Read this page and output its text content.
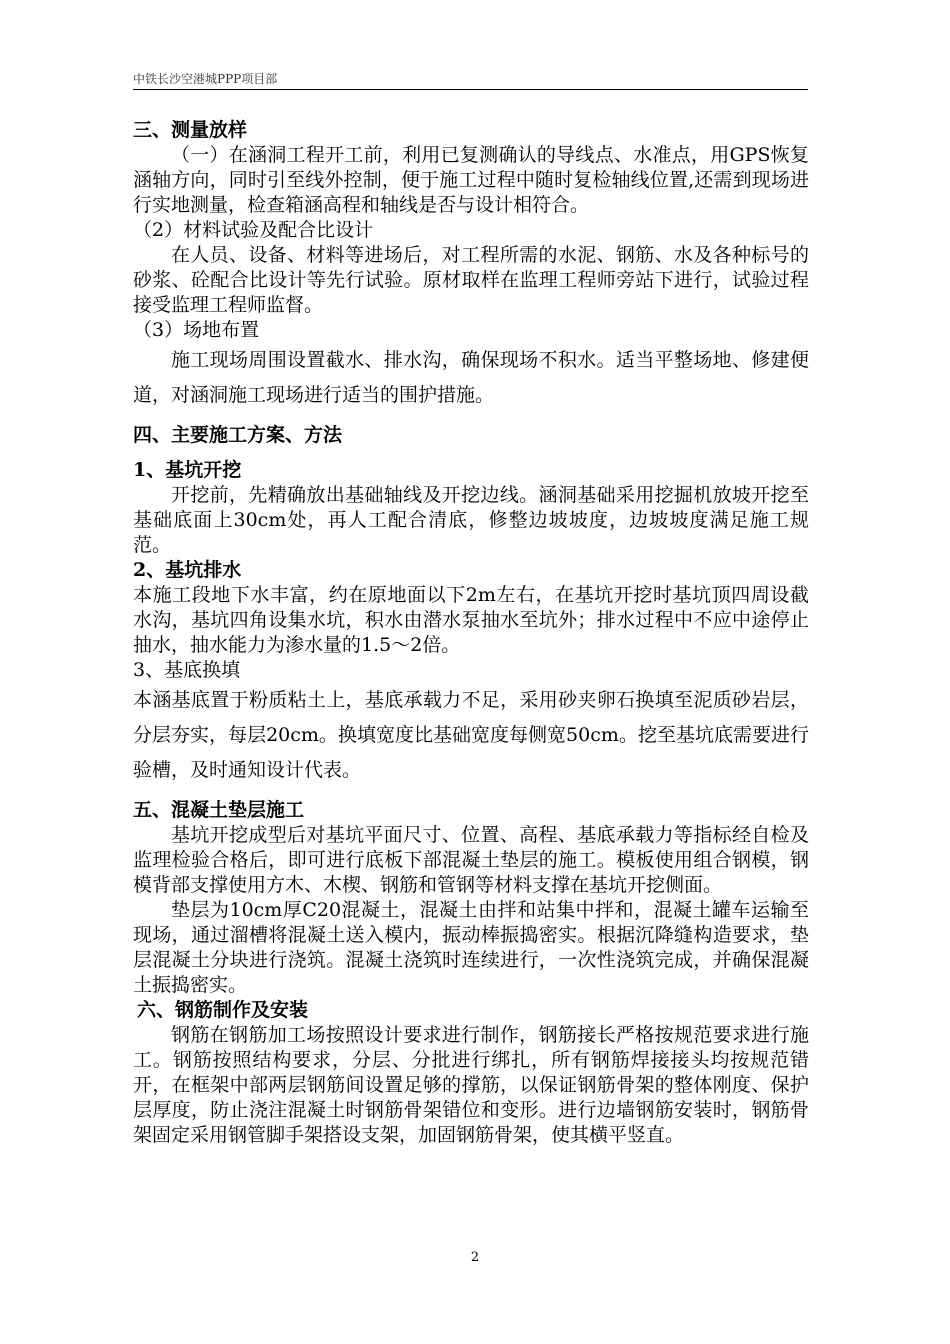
中铁长沙空港城PPP项目部

三、测量放样

（一）在涵洞工程开工前，利用已复测确认的导线点、水准点，用GPS恢复涵轴方向，同时引至线外控制，便于施工过程中随时复检轴线位置,还需到现场进行实地测量，检查箱涵高程和轴线是否与设计相符合。

（2）材料试验及配合比设计

在人员、设备、材料等进场后，对工程所需的水泥、钢筋、水及各种标号的砂浆、砼配合比设计等先行试验。原材取样在监理工程师旁站下进行，试验过程接受监理工程师监督。

（3）场地布置

施工现场周围设置截水、排水沟，确保现场不积水。适当平整场地、修建便道，对涵洞施工现场进行适当的围护措施。

四、主要施工方案、方法

1、基坑开挖

开挖前，先精确放出基础轴线及开挖边线。涵洞基础采用挖掘机放坡开挖至基础底面上30cm处，再人工配合清底，修整边坡坡度，边坡坡度满足施工规范。

2、基坑排水

本施工段地下水丰富，约在原地面以下2m左右，在基坑开挖时基坑顶四周设截水沟，基坑四角设集水坑，积水由潜水泵抽水至坑外；排水过程中不应中途停止抽水，抽水能力为渗水量的1.5～2倍。

3、基底换填

本涵基底置于粉质粘土上，基底承载力不足，采用砂夹卵石换填至泥质砂岩层，分层夯实，每层20cm。换填宽度比基础宽度每侧宽50cm。挖至基坑底需要进行验槽，及时通知设计代表。

五、混凝土垫层施工

基坑开挖成型后对基坑平面尺寸、位置、高程、基底承载力等指标经自检及监理检验合格后，即可进行底板下部混凝土垫层的施工。模板使用组合钢模，钢模背部支撑使用方木、木楔、钢筋和管钢等材料支撑在基坑开挖侧面。

垫层为10cm厚C20混凝土，混凝土由拌和站集中拌和，混凝土罐车运输至现场，通过溜槽将混凝土送入模内，振动棒振捣密实。根据沉降缝构造要求，垫层混凝土分块进行浇筑。混凝土浇筑时连续进行，一次性浇筑完成，并确保混凝土振捣密实。

六、钢筋制作及安装

钢筋在钢筋加工场按照设计要求进行制作，钢筋接长严格按规范要求进行施工。钢筋按照结构要求，分层、分批进行绑扎，所有钢筋焊接接头均按规范错开，在框架中部两层钢筋间设置足够的撑筋，以保证钢筋骨架的整体刚度、保护层厚度，防止浇注混凝土时钢筋骨架错位和变形。进行边墙钢筋安装时，钢筋骨架固定采用钢管脚手架搭设支架，加固钢筋骨架，使其横平竖直。

2
